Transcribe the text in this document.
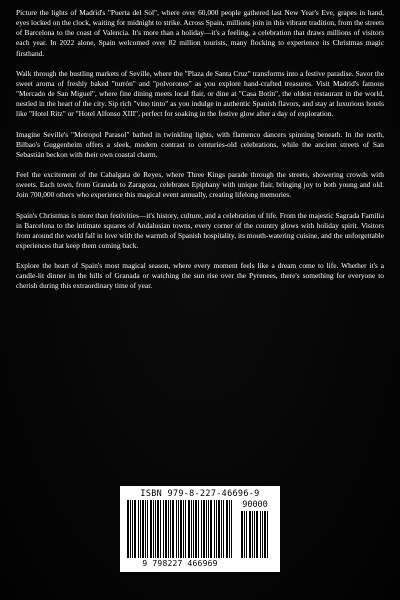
Picture the lights of Madrid's "Puerta del Sol", where over 60,000 people gathered last New Year's Eve, grapes in hand, eyes locked on the clock, waiting for midnight to strike. Across Spain, millions join in this vibrant tradition, from the streets of Barcelona to the coast of Valencia. It's more than a holiday—it's a feeling, a celebration that draws millions of visitors each year. In 2022 alone, Spain welcomed over 82 million tourists, many flocking to experience its Christmas magic firsthand.

Walk through the bustling markets of Seville, where the "Plaza de Santa Cruz" transforms into a festive paradise. Savor the sweet aroma of freshly baked "turrón" and "polvorones" as you explore hand-crafted treasures. Visit Madrid's famous "Mercado de San Miguel", where fine dining meets local flair, or dine at "Casa Botín", the oldest restaurant in the world, nestled in the heart of the city. Sip rich "vino tinto" as you indulge in authentic Spanish flavors, and stay at luxurious hotels like "Hotel Ritz" or "Hotel Alfonso XIII", perfect for soaking in the festive glow after a day of exploration.

Imagine Seville's "Metropol Parasol" bathed in twinkling lights, with flamenco dancers spinning beneath. In the north, Bilbao's Guggenheim offers a sleek, modern contrast to centuries-old celebrations, while the ancient streets of San Sebastián beckon with their own coastal charm.

Feel the excitement of the Cabalgata de Reyes, where Three Kings parade through the streets, showering crowds with sweets. Each town, from Granada to Zaragoza, celebrates Epiphany with unique flair, bringing joy to both young and old. Join 700,000 others who experience this magical event annually, creating lifelong memories.

Spain's Christmas is more than festivities—it's history, culture, and a celebration of life. From the majestic Sagrada Familia in Barcelona to the intimate squares of Andalusian towns, every corner of the country glows with holiday spirit. Visitors from around the world fall in love with the warmth of Spanish hospitality, its mouth-watering cuisine, and the unforgettable experiences that keep them coming back.

Explore the heart of Spain's most magical season, where every moment feels like a dream come to life. Whether it's a candle-lit dinner in the hills of Granada or watching the sun rise over the Pyrenees, there's something for everyone to cherish during this extraordinary time of year.

ISBN 979-8-227-46696-9
90000
9 798227 466969
